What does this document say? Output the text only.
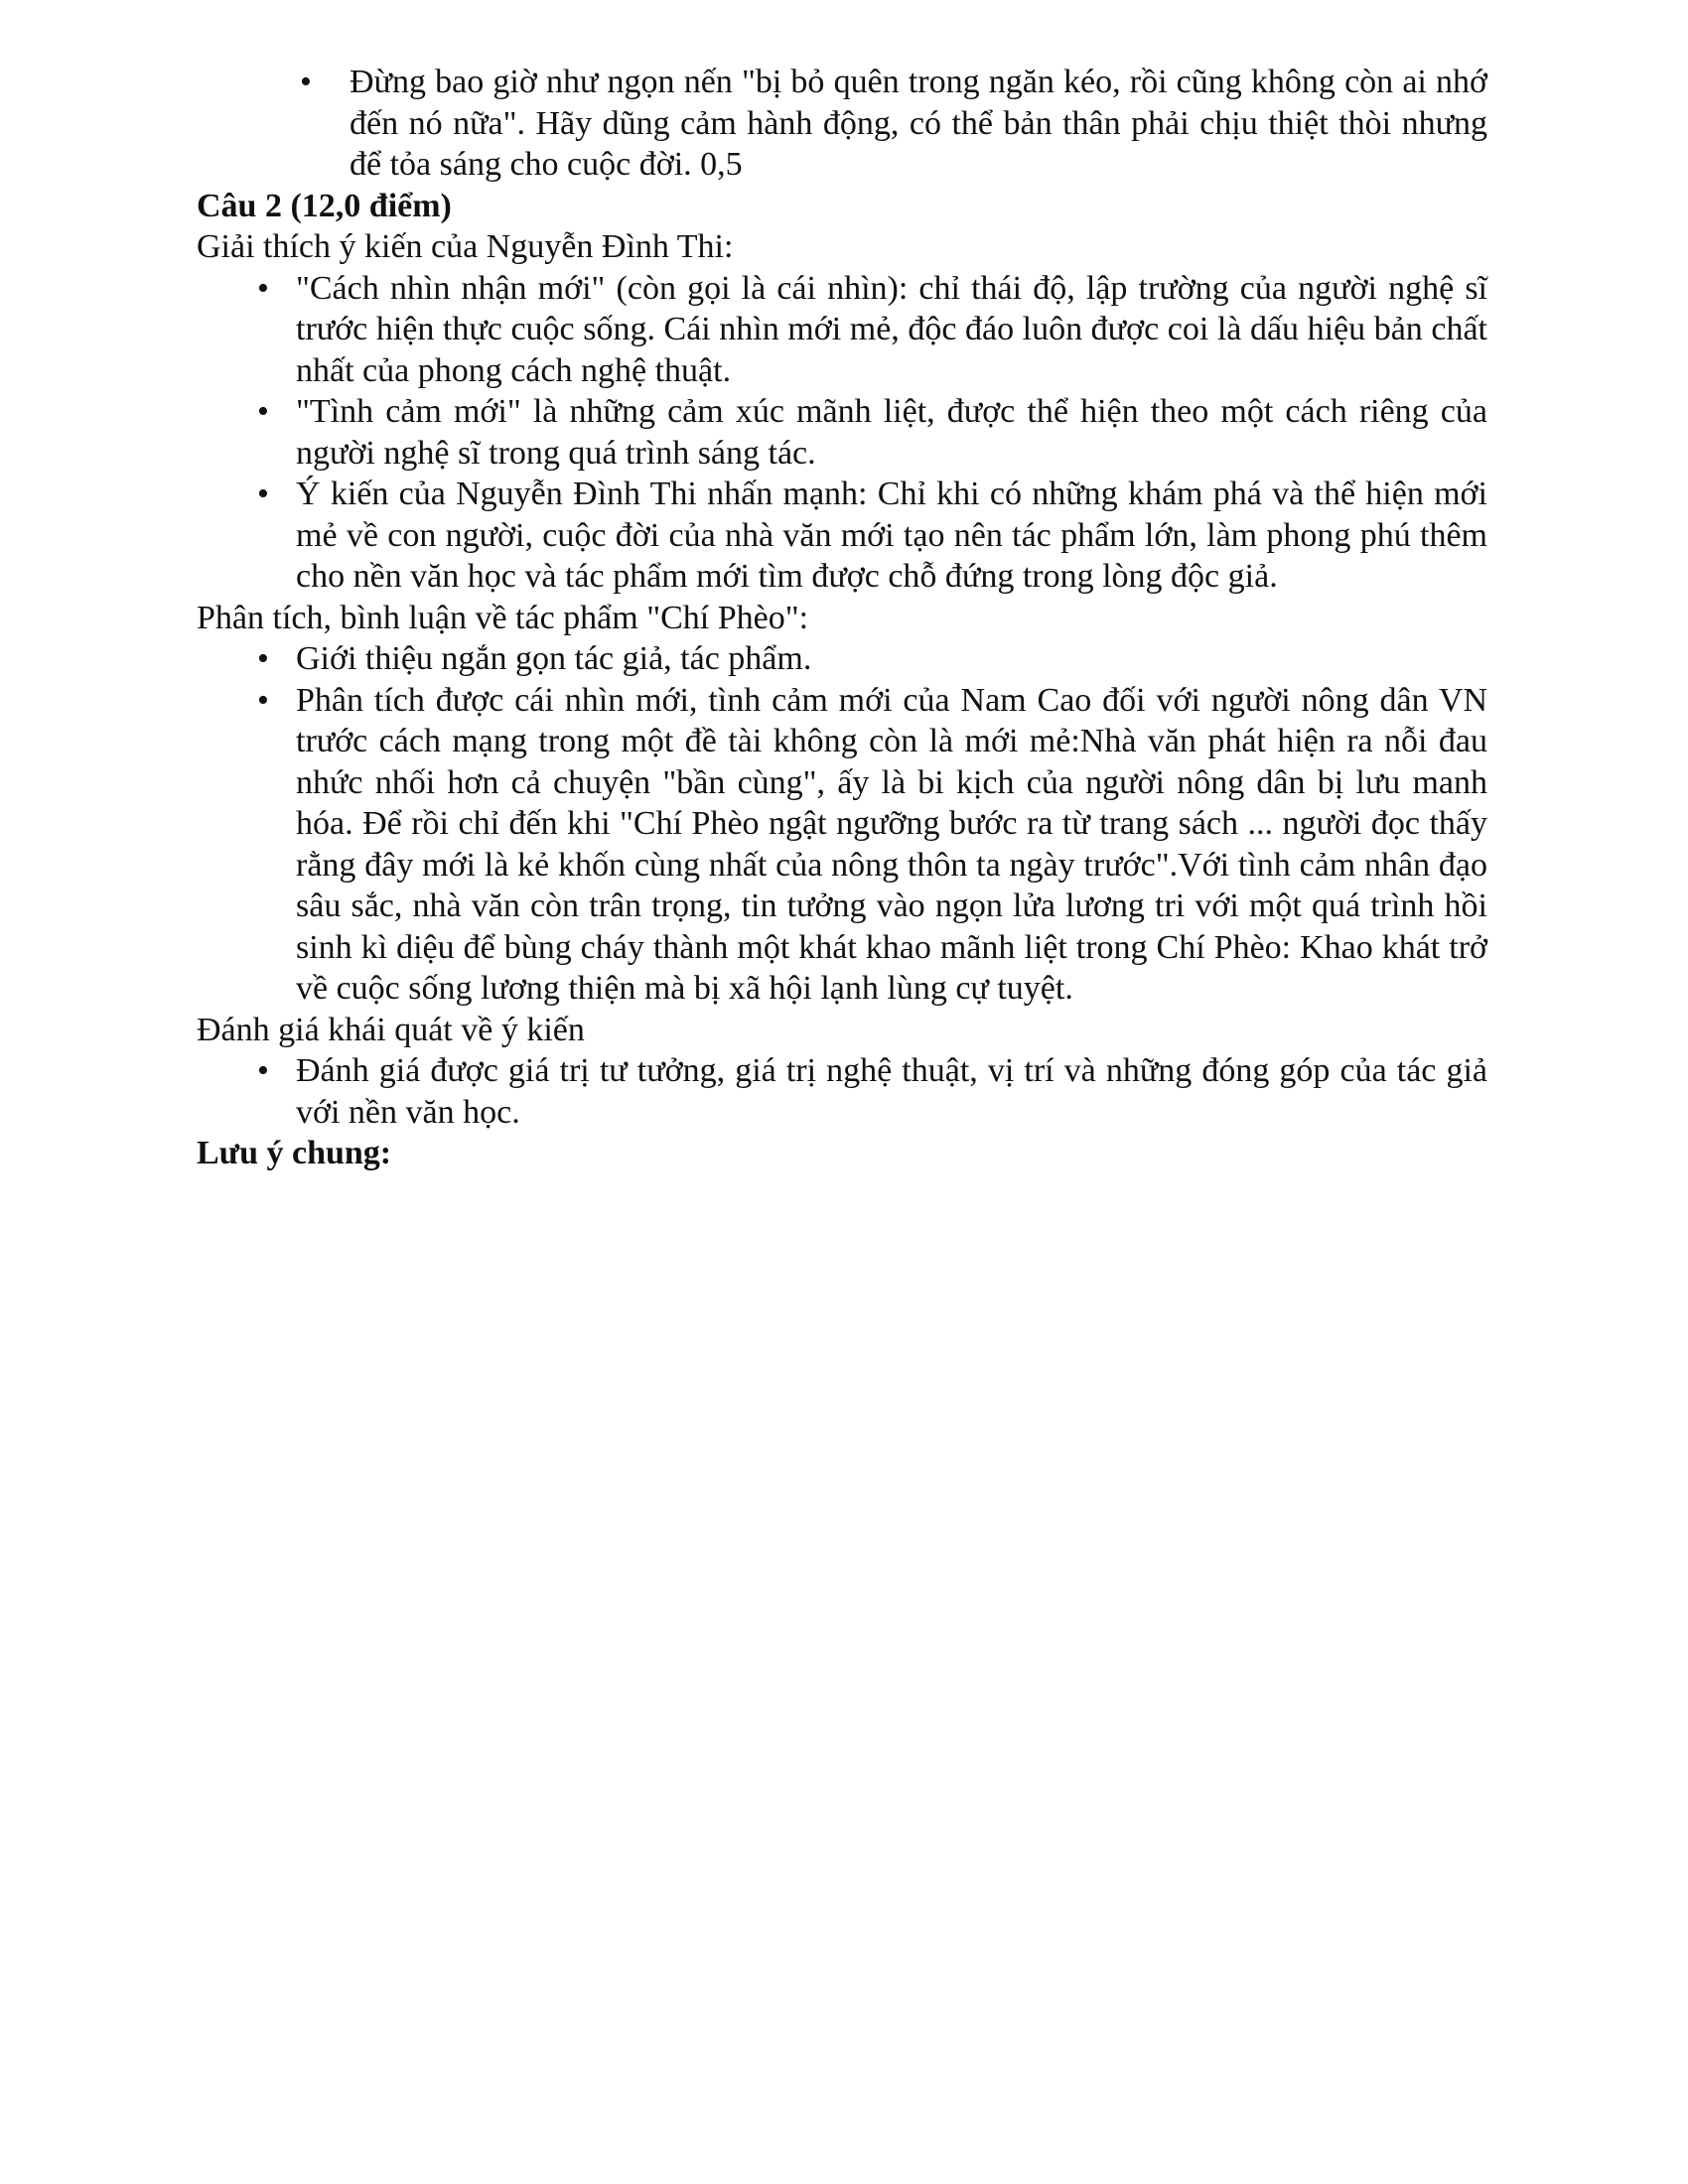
• Đừng bao giờ như ngọn nến "bị bỏ quên trong ngăn kéo, rồi cũng không còn ai nhớ đến nó nữa". Hãy dũng cảm hành động, có thể bản thân phải chịu thiệt thòi nhưng để tỏa sáng cho cuộc đời. 0,5

Câu 2 (12,0 điểm)

Giải thích ý kiến của Nguyễn Đình Thi:

• "Cách nhìn nhận mới" (còn gọi là cái nhìn): chỉ thái độ, lập trường của người nghệ sĩ trước hiện thực cuộc sống. Cái nhìn mới mẻ, độc đáo luôn được coi là dấu hiệu bản chất nhất của phong cách nghệ thuật.
• "Tình cảm mới" là những cảm xúc mãnh liệt, được thể hiện theo một cách riêng của người nghệ sĩ trong quá trình sáng tác.
• Ý kiến của Nguyễn Đình Thi nhấn mạnh: Chỉ khi có những khám phá và thể hiện mới mẻ về con người, cuộc đời của nhà văn mới tạo nên tác phẩm lớn, làm phong phú thêm cho nền văn học và tác phẩm mới tìm được chỗ đứng trong lòng độc giả.

Phân tích, bình luận về tác phẩm "Chí Phèo":

• Giới thiệu ngắn gọn tác giả, tác phẩm.
• Phân tích được cái nhìn mới, tình cảm mới của Nam Cao đối với người nông dân VN trước cách mạng trong một đề tài không còn là mới mẻ:Nhà văn phát hiện ra nỗi đau nhức nhối hơn cả chuyện "bần cùng", ấy là bi kịch của người nông dân bị lưu manh hóa. Để rồi chỉ đến khi "Chí Phèo ngật ngưỡng bước ra từ trang sách ... người đọc thấy rằng đây mới là kẻ khốn cùng nhất của nông thôn ta ngày trước".Với tình cảm nhân đạo sâu sắc, nhà văn còn trân trọng, tin tưởng vào ngọn lửa lương tri với một quá trình hồi sinh kì diệu để bùng cháy thành một khát khao mãnh liệt trong Chí Phèo: Khao khát trở về cuộc sống lương thiện mà bị xã hội lạnh lùng cự tuyệt.

Đánh giá khái quát về ý kiến

• Đánh giá được giá trị tư tưởng, giá trị nghệ thuật, vị trí và những đóng góp của tác giả với nền văn học.

Lưu ý chung:
